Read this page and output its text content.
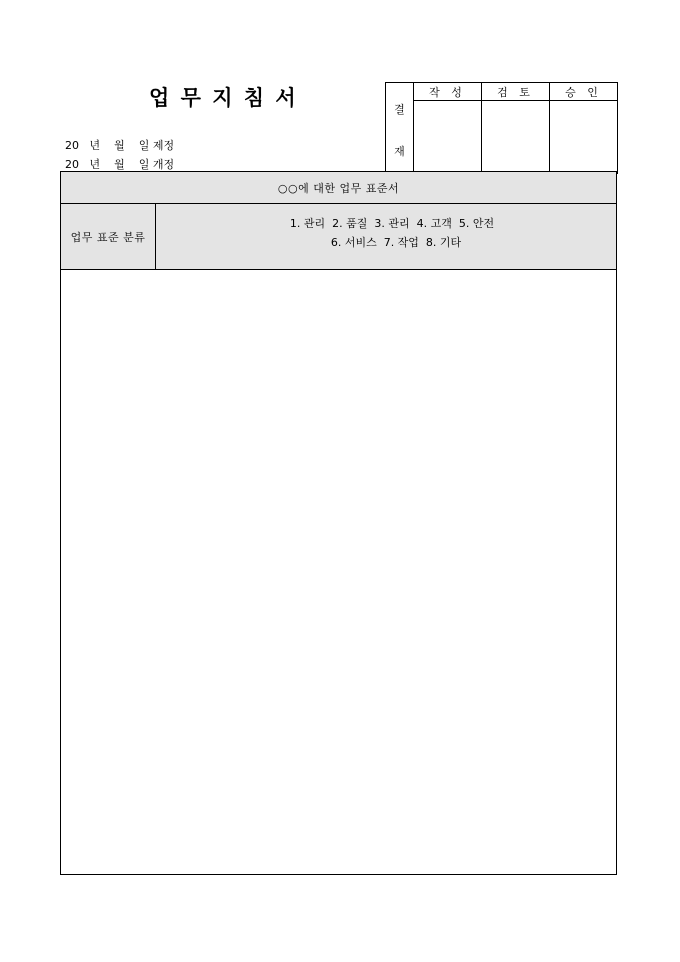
업 무 지 침 서
20   년    월    일 제정
20   년    월    일 개정
결
재	작 성	검 토	승 인

○○에 대한 업무 표준서
업무 표준 분류
1. 관리  2. 품질  3. 관리  4. 고객  5. 안전
6. 서비스  7. 작업  8. 기타
